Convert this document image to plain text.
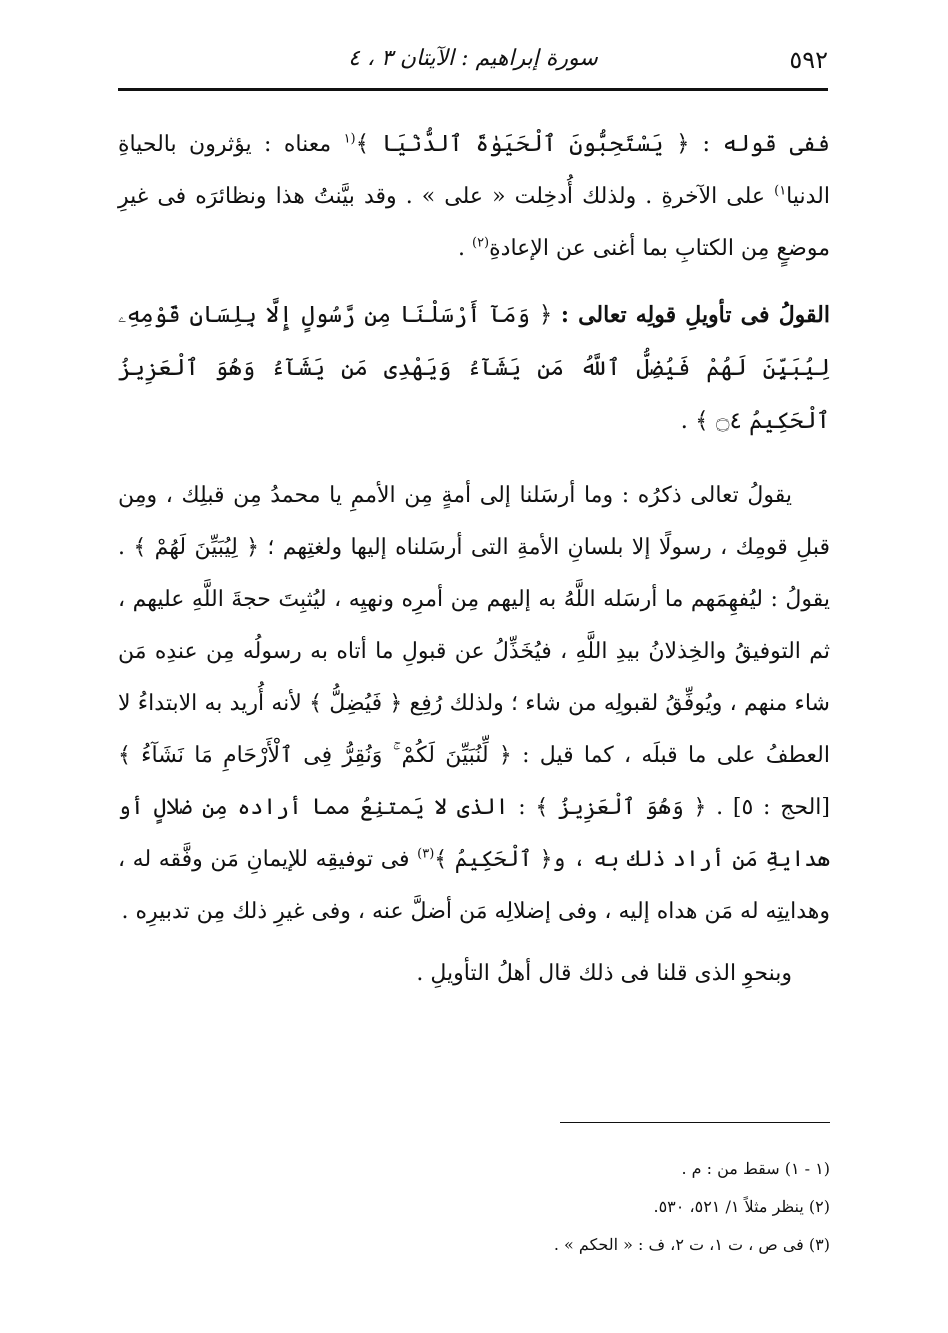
٥٩٢
سورة إبراهيم : الآيتان ٣ ، ٤

ففى قوله : ﴿ يَسْتَحِبُّونَ ٱلْحَيَوٰةَ ٱلدُّنْيَا ﴾$^{(١}$ معناه : يؤثرون بالحياةِ الدنيا$^{١)}$ على الآخرةِ . ولذلك أُدخِلت « على » . وقد بيَّنتُ هذا ونظائرَه فى غيرِ موضعٍ مِن الكتابِ بما أغنى عن الإعادةِ$^{(٢)}$ .

القولُ فى تأويلِ قولِه تعالى : ﴿ وَمَآ أَرْسَلْنَا مِن رَّسُولٍ إِلَّا بِلِسَانِ قَوْمِهِۦ لِيُبَيِّنَ لَهُمْ فَيُضِلُّ ٱللَّهُ مَن يَشَآءُ وَيَهْدِى مَن يَشَآءُ وَهُوَ ٱلْعَزِيزُ ٱلْحَكِيمُ ۝٤ ﴾ .

يقولُ تعالى ذكرُه : وما أرسَلنا إلى أمةٍ مِن الأممِ يا محمدُ مِن قبلِك ، ومِن قبلِ قومِك ، رسولًا إلا بلسانِ الأمةِ التى أرسَلناه إليها ولغتِهم ؛ ﴿ لِيُبَيِّنَ لَهُمْ ﴾ . يقولُ : ليُفهِمَهم ما أرسَله اللَّهُ به إليهم مِن أمرِه ونهيِه ، ليُثبِتَ حجةَ اللَّهِ عليهم ، ثم التوفيقُ والخِذلانُ بيدِ اللَّهِ ، فيُخَذِّلُ عن قبولِ ما أتاه به رسولُه مِن عندِه مَن شاء منهم ، ويُوفِّقُ لقبولِه من شاء ؛ ولذلك رُفِع ﴿ فَيُضِلُّ ﴾ لأنه أُريد به الابتداءُ لا العطفُ على ما قبلَه ، كما قيل : ﴿ لِّنُبَيِّنَ لَكُمْ ۚ وَنُقِرُّ فِى ٱلْأَرْحَامِ مَا نَشَآءُ ﴾ [الحج : ٥] . ﴿ وَهُوَ ٱلْعَزِيزُ ﴾ : الذى لا يَمتنِعُ مما أراده مِن ضلالٍ أو هدايةِ مَن أراد ذلك به ، و﴿ ٱلْحَكِيمُ ﴾$^{(٣)}$ فى توفيقِه للإيمانِ مَن وفَّقه له ، وهدايتِه له مَن هداه إليه ، وفى إضلالِه مَن أضلَّ عنه ، وفى غيرِ ذلك مِن تدبيرِه .

وبنحوِ الذى قلنا فى ذلك قال أهلُ التأويلِ .

(١ - ١) سقط من : م .

(٢) ينظر مثلاً ١/ ٥٢١، ٥٣٠.

(٣) فى ص ، ت ١، ت ٢، ف : « الحكم » .
